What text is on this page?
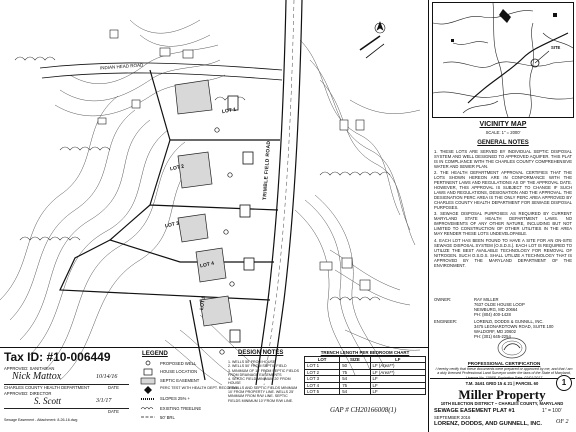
TRIMBLE FIELD ROAD
INDIAN HEAD ROAD
LOT 1
LOT 2
LOT 3
LOT 4
LOT 5
SITE
VICINITY MAP
SCALE: 1" = 2000'
GENERAL NOTES

1. THESE LOTS ARE SERVED BY INDIVIDUAL SEPTIC DISPOSAL SYSTEM AND WELL DESIGNED TO APPROVED AQUIFER. THIS PLAT IS IN COMPLIANCE WITH THE CHARLES COUNTY COMPREHENSIVE WATER AND SEWER PLAN.

2. THE HEALTH DEPARTMENT APPROVAL CERTIFIES THAT THE LOTS SHOWN HEREON ARE IN CONFORMANCE WITH THE PERTINENT LAWS AND REGULATIONS AS OF THE APPROVAL DATE. HOWEVER, THIS APPROVAL IS SUBJECT TO CHANGE IF SUCH LAWS AND REGULATIONS, DESIGNATION AND THE APPROVAL. THE DESIGNATION PERC AREA IS THE ONLY PERC AREA APPROVED BY CHARLES COUNTY HEALTH DEPARTMENT FOR SEWAGE DISPOSAL PURPOSES.

3. SEWAGE DISPOSAL PURPOSES AS REQUIRED BY CURRENT MARYLAND STATE HEALTH DEPARTMENT LAWS. NO IMPROVEMENTS OF ANY OTHER NATURE, INCLUDING BUT NOT LIMITED TO CONSTRUCTION OF OTHER UTILITIES IN THE AREA MAY RENDER THESE LOTS UNDEVELOPABLE.

4. EACH LOT HAS BEEN FOUND TO HAVE A SITE FOR AN ON-SITE SEWAGE DISPOSAL SYSTEM (O.S.D.S.). EACH LOT IS REQUIRED TO UTILIZE THE BEST AVAILABLE TECHNOLOGY FOR REMOVAL OF NITROGEN. SUCH O.S.D.S. SHALL UTILIZE A TECHNOLOGY THAT IS APPROVED BY THE MARYLAND DEPARTMENT OF THE ENVIRONMENT.

OWNER:	RAY MILLER
7637 OLDE HOUSE LOOP
NEWBURG, MD 20664
PH: (804) 400-1428
ENGINEER:	LORENZI, DODDS & GUNNILL, INC.
3475 LEONARDTOWN ROAD, SUITE 100
WALDORF, MD 20602
PH: (301) 645-2254
PROFESSIONAL CERTIFICATION
I hereby certify that these documents were prepared or approved by me, and that I am a duly licensed Professional Land Surveyor under the laws of the State of Maryland, License No. 10958, Expiration Date: 02/01/2017
T.M. 3&61 GRID 15 & 21 | PARCEL 60
Miller Property
10TH ELECTION DISTRICT ~ CHARLES COUNTY, MARYLAND
SEWAGE EASEMENT PLAT #1	1" = 100'
SEPTEMBER 2016
LORENZ, DODDS, AND GUNNELL, INC.
1
OF 2
Tax ID: #10-006449
APPROVED: SANITARIAN
Nick Mattox	10/14/16
CHARLES COUNTY HEALTH DEPARTMENT	DATE
APPROVED: DIRECTOR
S. Scott	3/1/17
DATE
Sewage Easement - Attachment: 8-26-16.dwg
LEGEND
PROPOSED WELL
HOUSE LOCATION
SEPTIC EASEMENT
PERC TEST WITH HEALTH DEPT. RECORD #
SLOPES 25% +
EXISTING TREELINE
50' BRL
DESIGN NOTES
1. WELLS 50' FROM HOUSE
2. WELLS 50' FROM SEPTIC FIELD
3. MINIMUM OF 15' FROM SEPTIC FIELDS FROM DRAINAGE EASEMENTS
4. SEPTIC FIELD MINIMUM 20' FROM HOUSE
5. WELLS AND SEPTIC FIELDS MINIMUM 10' FROM PROPERTY LINE. WELLS 25' MINIMUM FROM R/W LINE. SEPTIC FIELDS MINIMUM 10' FROM R/W LINE.
TRENCH LENGTH PER BEDROOM CHART
LOT	SIZE	LF
LOT 1	50	LF (Area**)
LOT 2	75	LF (Area**)
LOT 3	54	LF
LOT 4	75	LF
LOT 5	54	LF
GAP # CH20166008(1)
